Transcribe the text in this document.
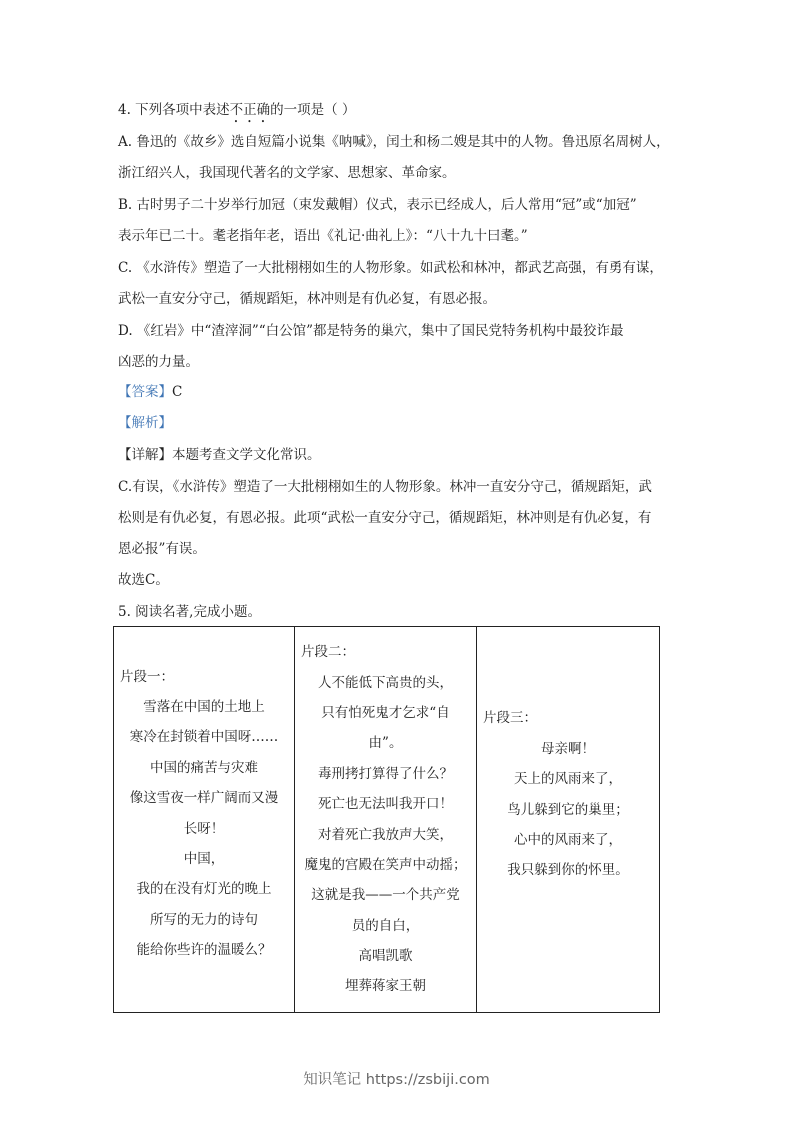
4. 下列各项中表述不正确的一项是（ ）
A. 鲁迅的《故乡》选自短篇小说集《呐喊》，闰土和杨二嫂是其中的人物。鲁迅原名周树人，
浙江绍兴人，我国现代著名的文学家、思想家、革命家。
B. 古时男子二十岁举行加冠（束发戴帽）仪式，表示已经成人，后人常用“冠”或“加冠”
表示年已二十。耄老指年老，语出《礼记·曲礼上》：“八十九十曰耄。”
C. 《水浒传》塑造了一大批栩栩如生的人物形象。如武松和林冲，都武艺高强，有勇有谋，
武松一直安分守己，循规蹈矩，林冲则是有仇必复，有恩必报。
D. 《红岩》中“渣滓洞”“白公馆”都是特务的巢穴，集中了国民党特务机构中最狡诈最
凶恶的力量。
【答案】C
【解析】
【详解】本题考查文学文化常识。
C.有误，《水浒传》塑造了一大批栩栩如生的人物形象。林冲一直安分守己，循规蹈矩，武
松则是有仇必复，有恩必报。此项“武松一直安分守己，循规蹈矩，林冲则是有仇必复，有
恩必报”有误。
故选C。
5. 阅读名著,完成小题。
片段一：
雪落在中国的土地上
寒冷在封锁着中国呀……
中国的痛苦与灾难
像这雪夜一样广阔而又漫
长呀！
中国，
我的在没有灯光的晚上
所写的无力的诗句
能给你些许的温暖么？

片段二：
人不能低下高贵的头，
只有怕死鬼才乞求“自
由”。
毒刑拷打算得了什么？
死亡也无法叫我开口！
对着死亡我放声大笑，
魔鬼的宫殿在笑声中动摇；
这就是我——一个共产党
员的自白，
高唱凯歌
埋葬蒋家王朝

片段三：
母亲啊！
天上的风雨来了，
鸟儿躲到它的巢里；
心中的风雨来了，
我只躲到你的怀里。
知识笔记 https://zsbiji.com
